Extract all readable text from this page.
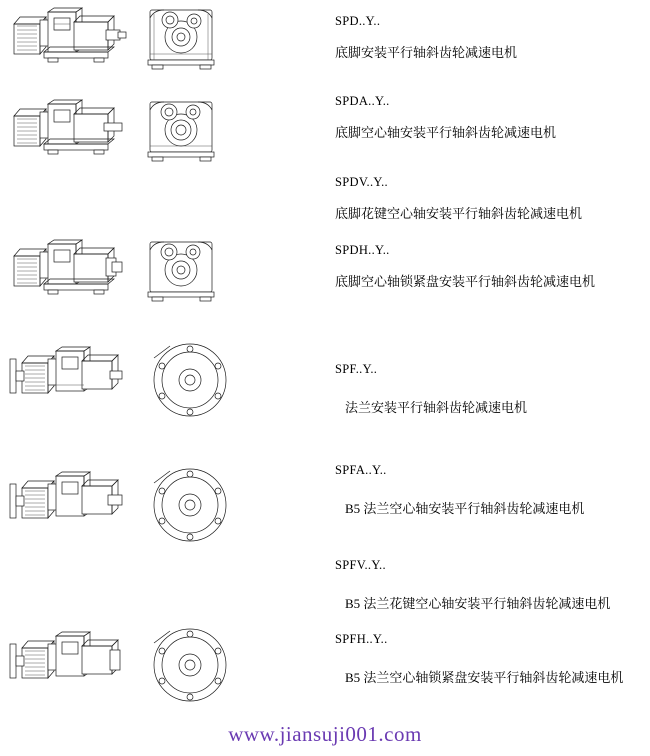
SPD..Y..
底脚安装平行轴斜齿轮减速电机
SPDA..Y..
底脚空心轴安装平行轴斜齿轮减速电机
SPDV..Y..
底脚花键空心轴安装平行轴斜齿轮减速电机
SPDH..Y..
底脚空心轴锁紧盘安装平行轴斜齿轮减速电机
SPF..Y..
法兰安装平行轴斜齿轮减速电机
SPFA..Y..
B5 法兰空心轴安装平行轴斜齿轮减速电机
SPFV..Y..
B5 法兰花键空心轴安装平行轴斜齿轮减速电机
SPFH..Y..
B5 法兰空心轴锁紧盘安装平行轴斜齿轮减速电机
www.jiansuji001.com
